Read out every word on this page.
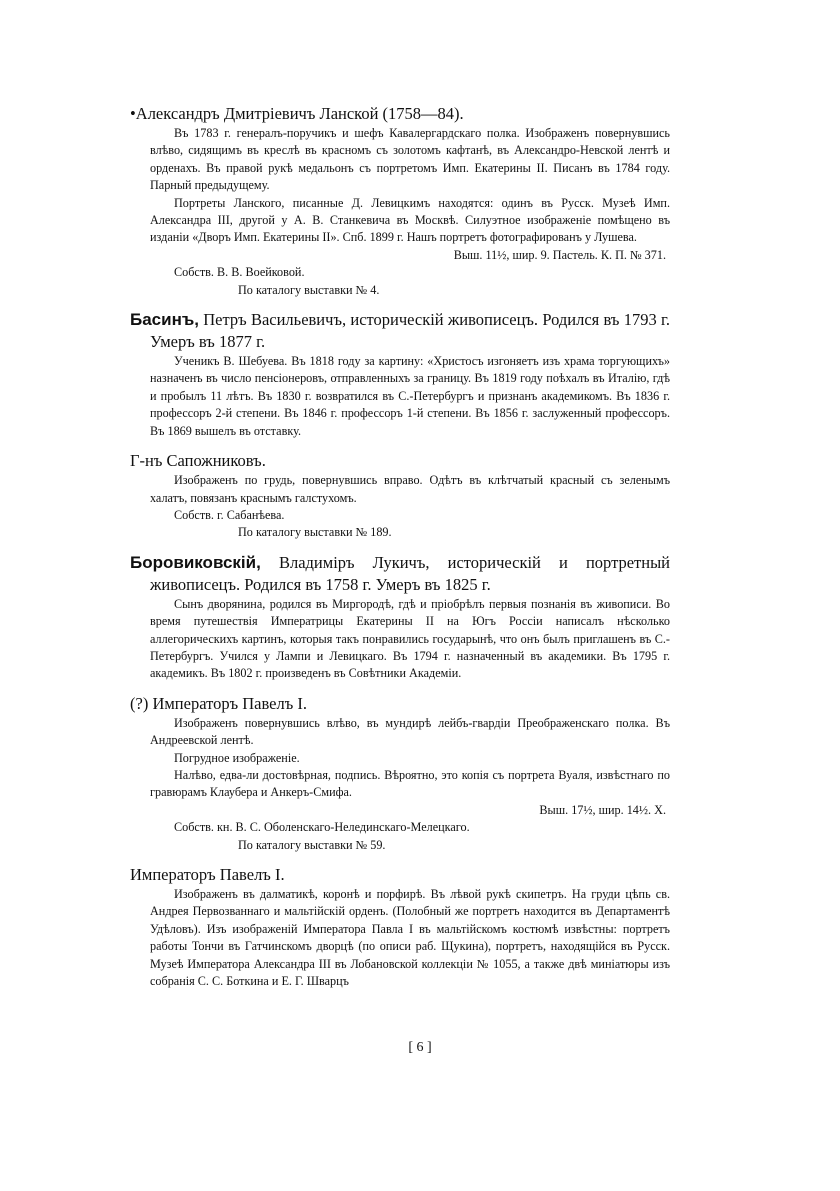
•Александръ Дмитріевичъ Ланской (1758—84).

Въ 1783 г. генералъ-поручикъ и шефъ Кавалергардскаго полка. Изображенъ повернувшись влѣво, сидящимъ въ креслѣ въ красномъ съ золотомъ кафтанѣ, въ Александро-Невской лентѣ и орденахъ. Въ правой рукѣ медальонъ съ портретомъ Имп. Екатерины II. Писанъ въ 1784 году. Парный предыдущему.

Портреты Ланского, писанные Д. Левицкимъ находятся: одинъ въ Русск. Музеѣ Имп. Александра III, другой у А. В. Станкевича въ Москвѣ. Силуэтное изображеніе помѣщено въ изданіи «Дворъ Имп. Екатерины II». Спб. 1899 г. Нашъ портретъ фотографированъ у Лушева.

Выш. 11½, шир. 9. Пастель. К. П. № 371.

Собств. В. В. Воейковой.

По каталогу выставки № 4.

Басинъ, Петръ Васильевичъ, историческій живописецъ. Родился въ 1793 г. Умеръ въ 1877 г.

Ученикъ В. Шебуева. Въ 1818 году за картину: «Христосъ изгоняетъ изъ храма торгующихъ» назначенъ въ число пенсіонеровъ, отправленныхъ за границу. Въ 1819 году поѣхалъ въ Италію, гдѣ и пробылъ 11 лѣтъ. Въ 1830 г. возвратился въ С.-Петербургъ и признанъ академикомъ. Въ 1836 г. профессоръ 2-й степени. Въ 1846 г. профессоръ 1-й степени. Въ 1856 г. заслуженный профессоръ. Въ 1869 вышелъ въ отставку.

Г-нъ Сапожниковъ.

Изображенъ по грудь, повернувшись вправо. Одѣтъ въ клѣтчатый красный съ зеленымъ халатъ, повязанъ краснымъ галстухомъ.

Собств. г. Сабанѣева.

По каталогу выставки № 189.

Боровиковскій, Владиміръ Лукичъ, историческій и портретный живописецъ. Родился въ 1758 г. Умеръ въ 1825 г.

Сынъ дворянина, родился въ Миргородѣ, гдѣ и пріобрѣлъ первыя познанія въ живописи. Во время путешествія Императрицы Екатерины II на Югъ Россіи написалъ нѣсколько аллегорическихъ картинъ, которыя такъ понравились государынѣ, что онъ былъ приглашенъ въ С.-Петербургъ. Учился у Лампи и Левицкаго. Въ 1794 г. назначенный въ академики. Въ 1795 г. академикъ. Въ 1802 г. произведенъ въ Совѣтники Академіи.

(?) Императоръ Павелъ I.

Изображенъ повернувшись влѣво, въ мундирѣ лейбъ-гвардіи Преображенскаго полка. Въ Андреевской лентѣ.

Погрудное изображеніе.

Налѣво, едва-ли достовѣрная, подпись. Вѣроятно, это копія съ портрета Вуаля, извѣстнаго по гравюрамъ Клаубера и Анкеръ-Смифа.

Выш. 17½, шир. 14½. Х.

Собств. кн. В. С. Оболенскаго-Нелединскаго-Мелецкаго.

По каталогу выставки № 59.

Императоръ Павелъ I.

Изображенъ въ далматикѣ, коронѣ и порфирѣ. Въ лѣвой рукѣ скипетръ. На груди цѣпь св. Андрея Первозваннаго и мальтійскій орденъ. (Полобный же портретъ находится въ Департаментѣ Удѣловъ). Изъ изображеній Императора Павла I въ мальтійскомъ костюмѣ извѣстны: портретъ работы Тончи въ Гатчинскомъ дворцѣ (по описи раб. Щукина), портретъ, находящійся въ Русск. Музеѣ Императора Александра III въ Лобановской коллекціи № 1055, а также двѣ миніатюры изъ собранія С. С. Боткина и Е. Г. Шварцъ

[ 6 ]
